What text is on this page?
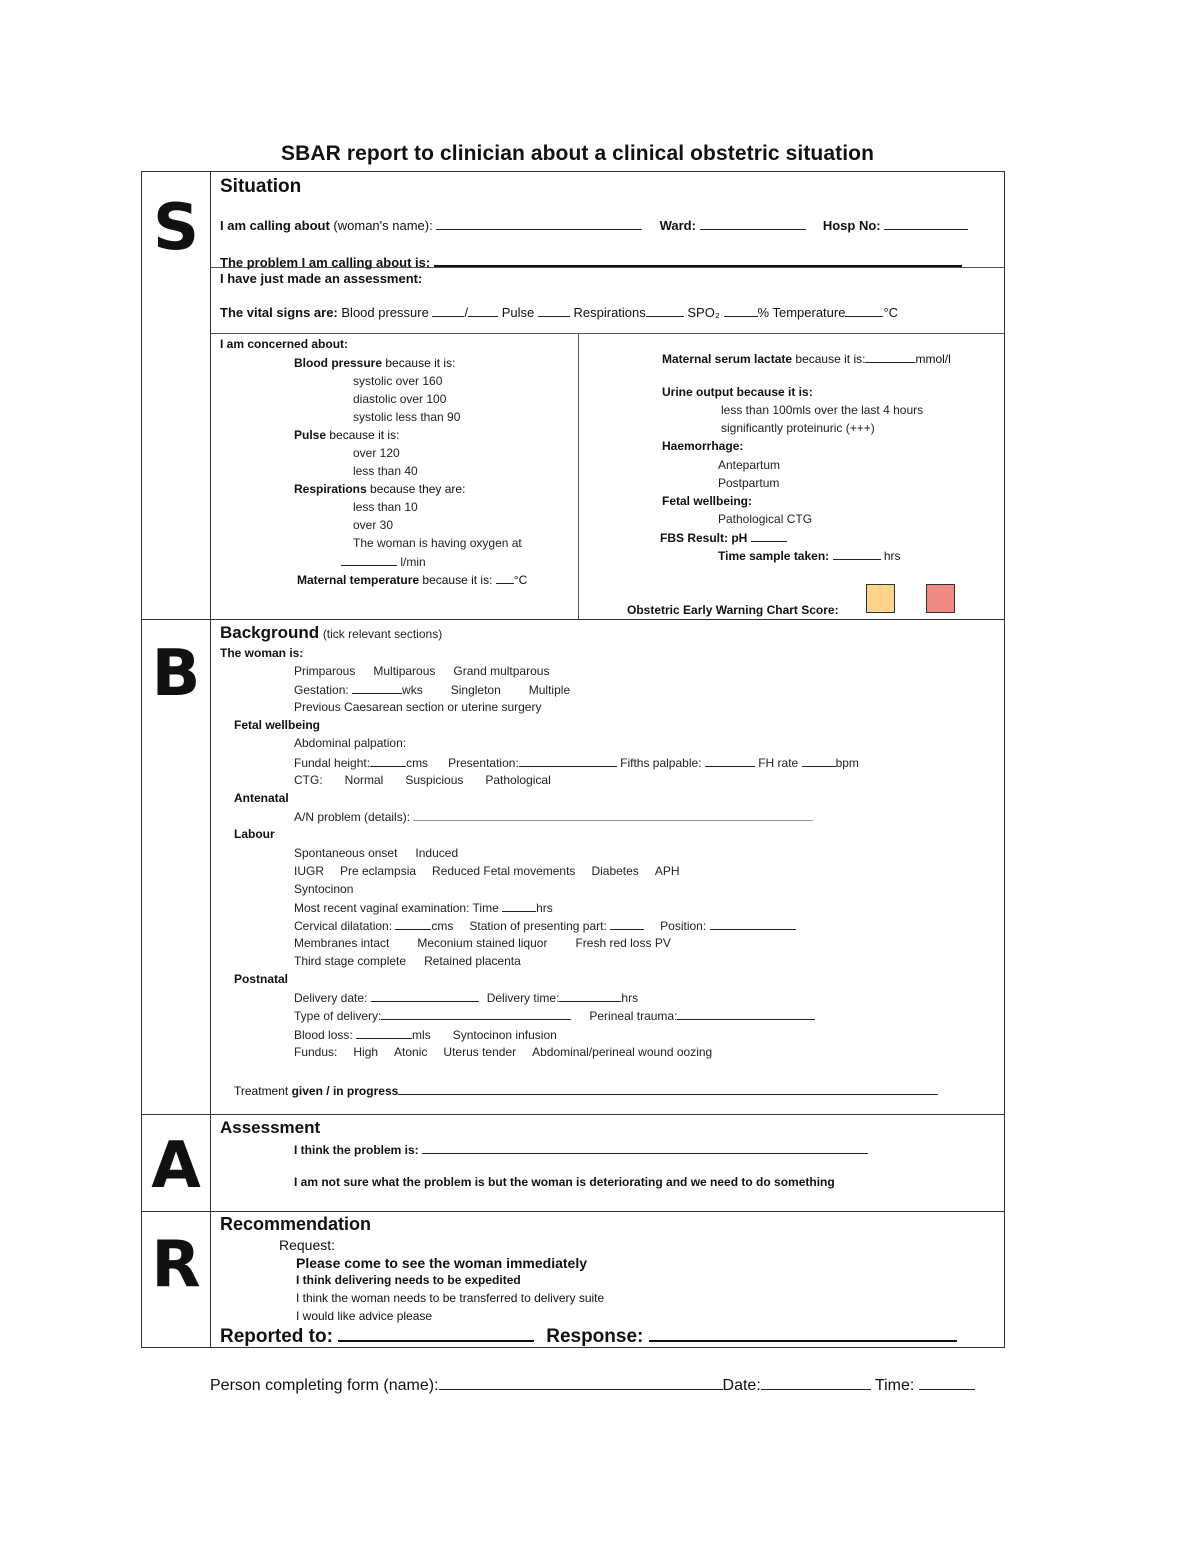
SBAR report to clinician about a clinical obstetric situation
S
B
A
R
Situation
I am calling about (woman's name):	Ward:	Hosp No:
The problem I am calling about is:
I have just made an assessment:
The vital signs are: Blood pressure	/	Pulse	Respirations	SPO₂	% Temperature	°C
I am concerned about:
Blood pressure because it is:
systolic over 160
diastolic over 100
systolic less than 90
Pulse because it is:
over 120
less than 40
Respirations because they are:
less than 10
over 30
The woman is having oxygen at
l/min
Maternal temperature because it is: °C
Maternal serum lactate because it is:	mmol/l
Urine output because it is:
less than 100mls over the last 4 hours
significantly proteinuric (+++)
Haemorrhage:
Antepartum
Postpartum
Fetal wellbeing:
Pathological CTG
FBS Result: pH
Time sample taken:	hrs
Obstetric Early Warning Chart Score:
Background (tick relevant sections)
The woman is:
Primparous Multiparous Grand multparous
Gestation:	wks Singleton Multiple
Previous Caesarean section or uterine surgery
Fetal wellbeing
Abdominal palpation:
Fundal height:	cms Presentation:	Fifths palpable:	FH rate	bpm
CTG: Normal Suspicious Pathological
Antenatal
A/N problem (details):
Labour
Spontaneous onset Induced
IUGR Pre eclampsia Reduced Fetal movements Diabetes APH
Syntocinon
Most recent vaginal examination: Time	hrs
Cervical dilatation:	cms Station of presenting part:	Position:
Membranes intact Meconium stained liquor Fresh red loss PV
Third stage complete Retained placenta
Postnatal
Delivery date:	Delivery time:	hrs
Type of delivery:	Perineal trauma:
Blood loss:	mls Syntocinon infusion
Fundus: High Atonic Uterus tender Abdominal/perineal wound oozing
Treatment given / in progress
Assessment
I think the problem is:
I am not sure what the problem is but the woman is deteriorating and we need to do something
Recommendation
Request:
Please come to see the woman immediately
I think delivering needs to be expedited
I think the woman needs to be transferred to delivery suite
I would like advice please
Reported to:	Response:
Person completing form (name):	Date:	Time:
